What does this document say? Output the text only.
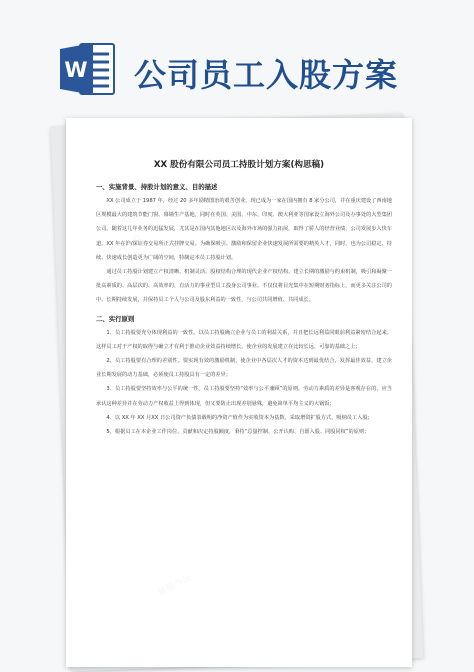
W 公司员工入股方案
熊猫办公
熊猫办公
熊猫办公
XX 股份有限公司员工持股计划方案(构思稿)
一、实施背景、持股计划的意义、目的描述

XX 公司成立于 1987 年，经过 20 多年励精图治的艰苦创业，现已成为一家在国内拥有 8 家分公司，并在重庆建设了西南地区规模最大的建筑节能门窗、幕墙生产基地，同时在英国、美国、中东、印度、澳大利亚等国家设立海外公司及办事处的大型集团公司。随着这几年业务的迅猛发展，尤其是在国内其他地区以及海外市场的强力拓展，取得了骄人的经营业绩，公司发展步入快车道。XX 年在沪/深证券交易所正式挂牌交易。为确保吸引、激励和保留企业快速发展所需要的精英人才，同时，也为公司稳定、持续、快速成长创造更为广阔的空间，特制定本员工持股计划。

通过员工持股计划建立产权清晰、机制灵活、股权结构合理的现代企业产权结构，建立长期的激励与约束机制，吸引和凝聚一批高素质的、高层次的、高效率的、有活力的事业型员工投身公司事业。不仅仅将目光集中在短期财务指标上，而更多关注公司的中、长期持续发展，并保持员工个人与公司及股东利益的一致性，与公司共同增值、共同成长。

二、实行原则

1、员工持股要充分体现利益的一致性。以员工持股确立企业与员工的利益关系，并且把长远利益同眼前利益紧密结合起来。这样员工对于产权的取得与确立才有利于推动企业效益持续增长，使企业的发展建立在比较长远、可靠的基础之上；

2、员工持股要有合理的差别性。要实现有效的激励机制，使企业中各层次人才的资本达到最优结合，发挥最佳效益，建立企业长期发展的动力基础，必须使员工持股具有一定的差异；

3、员工持股要坚持效率与公平的统一性。员工持股要坚持“效率与公平兼顾”的原则。劳动力素质的差异是客观存在的，应当承认这种差异并在劳动力产权收益上得到体现，但又要防止出现差别悬殊，避免简单平均主义的大锅饭；

4、以 XX 年 XX 月XX 日公司资产负债表载明的净资产值作为实收资本为基数，采取增资扩股方式，吸纳员工入股；

5、根据员工在本企业工作岗位、贡献和决定持股额度，秉持“总量控制、公开认购、自愿入股、同股同权”的原则；
